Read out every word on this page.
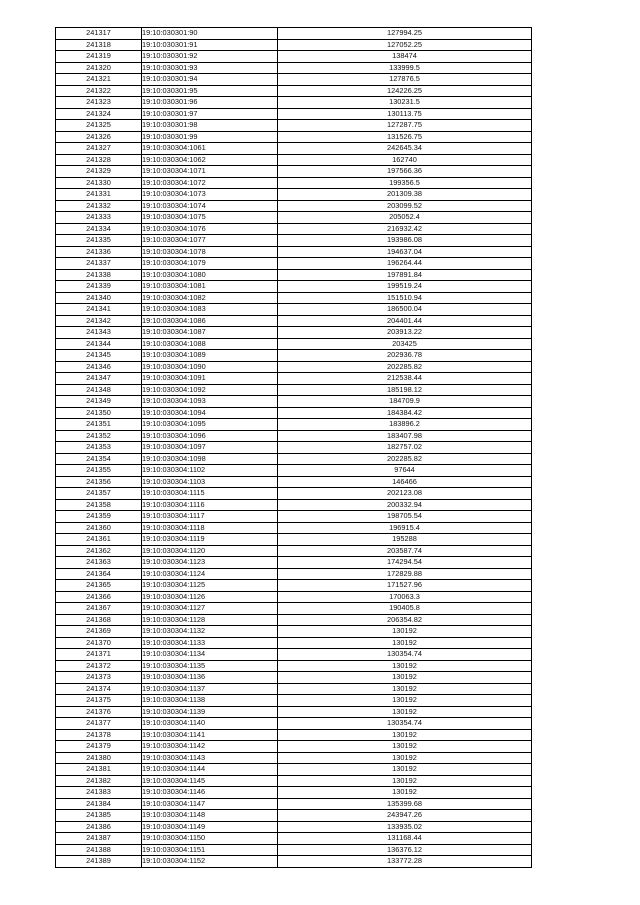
241317	19:10:030301:90	127994.25
241318	19:10:030301:91	127052.25
241319	19:10:030301:92	138474
241320	19:10:030301:93	133999.5
241321	19:10:030301:94	127876.5
241322	19:10:030301:95	124226.25
241323	19:10:030301:96	130231.5
241324	19:10:030301:97	130113.75
241325	19:10:030301:98	127287.75
241326	19:10:030301:99	131526.75
241327	19:10:030304:1061	242645.34
241328	19:10:030304:1062	162740
241329	19:10:030304:1071	197566.36
241330	19:10:030304:1072	199356.5
241331	19:10:030304:1073	201309.38
241332	19:10:030304:1074	203099.52
241333	19:10:030304:1075	205052.4
241334	19:10:030304:1076	216932.42
241335	19:10:030304:1077	193986.08
241336	19:10:030304:1078	194637.04
241337	19:10:030304:1079	196264.44
241338	19:10:030304:1080	197891.84
241339	19:10:030304:1081	199519.24
241340	19:10:030304:1082	151510.94
241341	19:10:030304:1083	186500.04
241342	19:10:030304:1086	204401.44
241343	19:10:030304:1087	203913.22
241344	19:10:030304:1088	203425
241345	19:10:030304:1089	202936.78
241346	19:10:030304:1090	202285.82
241347	19:10:030304:1091	212538.44
241348	19:10:030304:1092	185198.12
241349	19:10:030304:1093	184709.9
241350	19:10:030304:1094	184384.42
241351	19:10:030304:1095	183896.2
241352	19:10:030304:1096	183407.98
241353	19:10:030304:1097	182757.02
241354	19:10:030304:1098	202285.82
241355	19:10:030304:1102	97644
241356	19:10:030304:1103	146466
241357	19:10:030304:1115	202123.08
241358	19:10:030304:1116	200332.94
241359	19:10:030304:1117	198705.54
241360	19:10:030304:1118	196915.4
241361	19:10:030304:1119	195288
241362	19:10:030304:1120	203587.74
241363	19:10:030304:1123	174294.54
241364	19:10:030304:1124	172829.88
241365	19:10:030304:1125	171527.96
241366	19:10:030304:1126	170063.3
241367	19:10:030304:1127	190405.8
241368	19:10:030304:1128	206354.82
241369	19:10:030304:1132	130192
241370	19:10:030304:1133	130192
241371	19:10:030304:1134	130354.74
241372	19:10:030304:1135	130192
241373	19:10:030304:1136	130192
241374	19:10:030304:1137	130192
241375	19:10:030304:1138	130192
241376	19:10:030304:1139	130192
241377	19:10:030304:1140	130354.74
241378	19:10:030304:1141	130192
241379	19:10:030304:1142	130192
241380	19:10:030304:1143	130192
241381	19:10:030304:1144	130192
241382	19:10:030304:1145	130192
241383	19:10:030304:1146	130192
241384	19:10:030304:1147	135399.68
241385	19:10:030304:1148	243947.26
241386	19:10:030304:1149	133935.02
241387	19:10:030304:1150	131168.44
241388	19:10:030304:1151	136376.12
241389	19:10:030304:1152	133772.28
